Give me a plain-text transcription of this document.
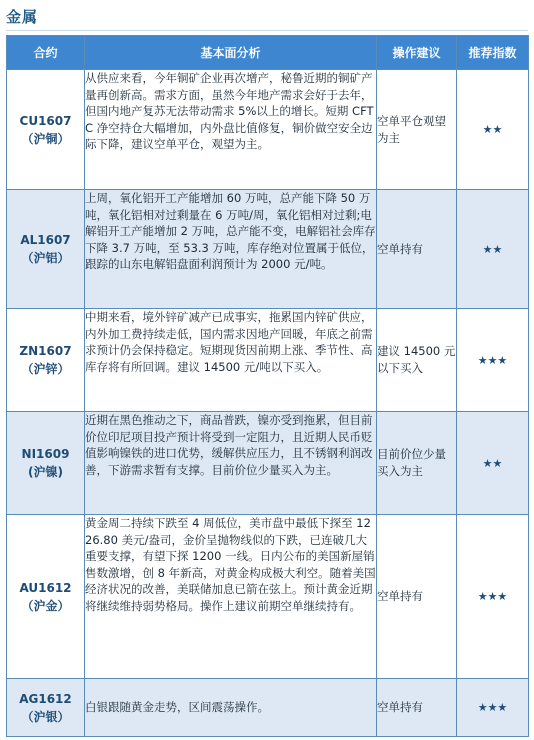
金属
合约	基本面分析	操作建议	推荐指数

CU1607
（沪铜）	从供应来看，今年铜矿企业再次增产，秘鲁近期的铜矿产量再创新高。需求方面，虽然今年地产需求会好于去年，但国内地产复苏无法带动需求 5%以上的增长。短期 CFTC 净空持仓大幅增加，内外盘比值修复，铜价做空安全边际下降，建议空单平仓，观望为主。	空单平仓观望为主	★★

AL1607
（沪铝）	上周，氧化铝开工产能增加 60 万吨，总产能下降 50 万吨，氧化铝相对过剩量在 6 万吨/周，氧化铝相对过剩;电解铝开工产能增加 2 万吨，总产能不变，电解铝社会库存下降 3.7 万吨，至 53.3 万吨，库存绝对位置属于低位，跟踪的山东电解铝盘面利润预计为 2000 元/吨。	空单持有	★★

ZN1607
（沪锌）	中期来看，境外锌矿减产已成事实，拖累国内锌矿供应，内外加工费持续走低，国内需求因地产回暖，年底之前需求预计仍会保持稳定。短期现货因前期上涨、季节性、高库存将有所回调。建议 14500 元/吨以下买入。	建议 14500 元以下买入	★★★

NI1609
(沪镍)	近期在黑色推动之下，商品普跌，镍亦受到拖累，但目前价位印尼项目投产预计将受到一定阻力，且近期人民币贬值影响镍铁的进口优势，缓解供应压力，且不锈钢利润改善，下游需求暂有支撑。目前价位少量买入为主。	目前价位少量买入为主	★★

AU1612
（沪金）	黄金周二持续下跌至 4 周低位，美市盘中最低下探至 1226.80 美元/盎司，金价呈抛物线似的下跌，已连破几大重要支撑，有望下探 1200 一线。日内公布的美国新屋销售数激增，创 8 年新高，对黄金构成极大利空。随着美国经济状况的改善，美联储加息已箭在弦上。预计黄金近期将继续维持弱势格局。操作上建议前期空单继续持有。	空单持有	★★★

AG1612
（沪银）	白银跟随黄金走势，区间震荡操作。	空单持有	★★★
